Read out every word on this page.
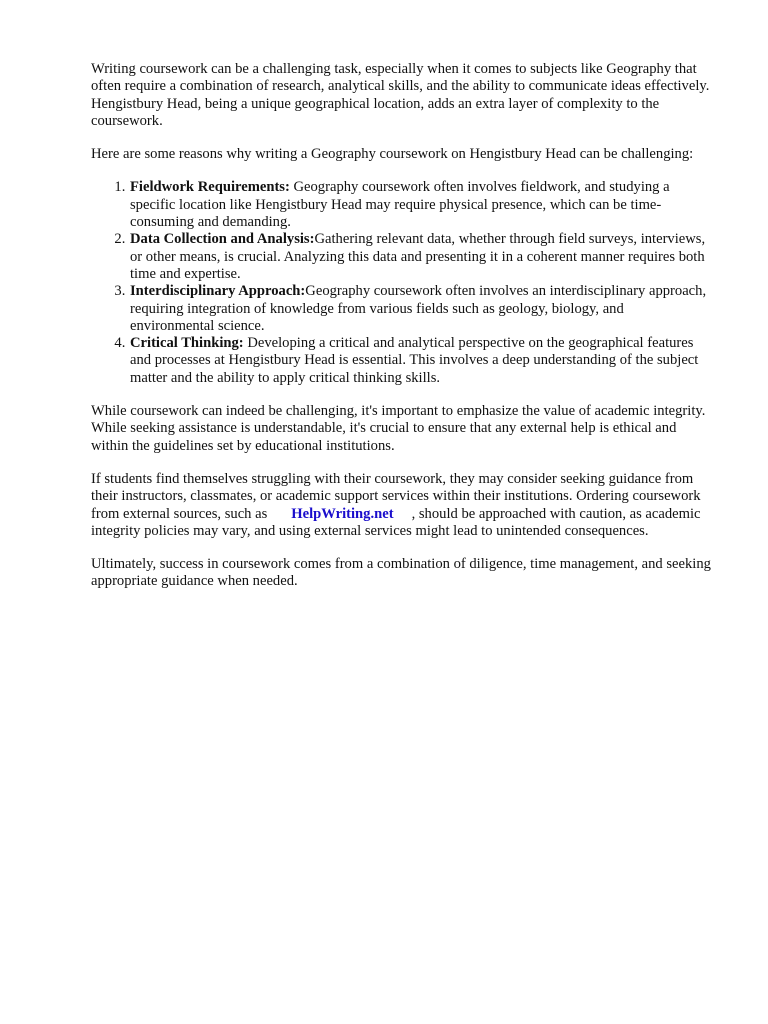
Writing coursework can be a challenging task, especially when it comes to subjects like Geography that often require a combination of research, analytical skills, and the ability to communicate ideas effectively. Hengistbury Head, being a unique geographical location, adds an extra layer of complexity to the coursework.

Here are some reasons why writing a Geography coursework on Hengistbury Head can be challenging:

1. Fieldwork Requirements: Geography coursework often involves fieldwork, and studying a specific location like Hengistbury Head may require physical presence, which can be time-consuming and demanding.
2. Data Collection and Analysis:Gathering relevant data, whether through field surveys, interviews, or other means, is crucial. Analyzing this data and presenting it in a coherent manner requires both time and expertise.
3. Interdisciplinary Approach:Geography coursework often involves an interdisciplinary approach, requiring integration of knowledge from various fields such as geology, biology, and environmental science.
4. Critical Thinking: Developing a critical and analytical perspective on the geographical features and processes at Hengistbury Head is essential. This involves a deep understanding of the subject matter and the ability to apply critical thinking skills.

While coursework can indeed be challenging, it's important to emphasize the value of academic integrity. While seeking assistance is understandable, it's crucial to ensure that any external help is ethical and within the guidelines set by educational institutions.

If students find themselves struggling with their coursework, they may consider seeking guidance from their instructors, classmates, or academic support services within their institutions. Ordering coursework from external sources, such as HelpWriting.net , should be approached with caution, as academic integrity policies may vary, and using external services might lead to unintended consequences.

Ultimately, success in coursework comes from a combination of diligence, time management, and seeking appropriate guidance when needed.
